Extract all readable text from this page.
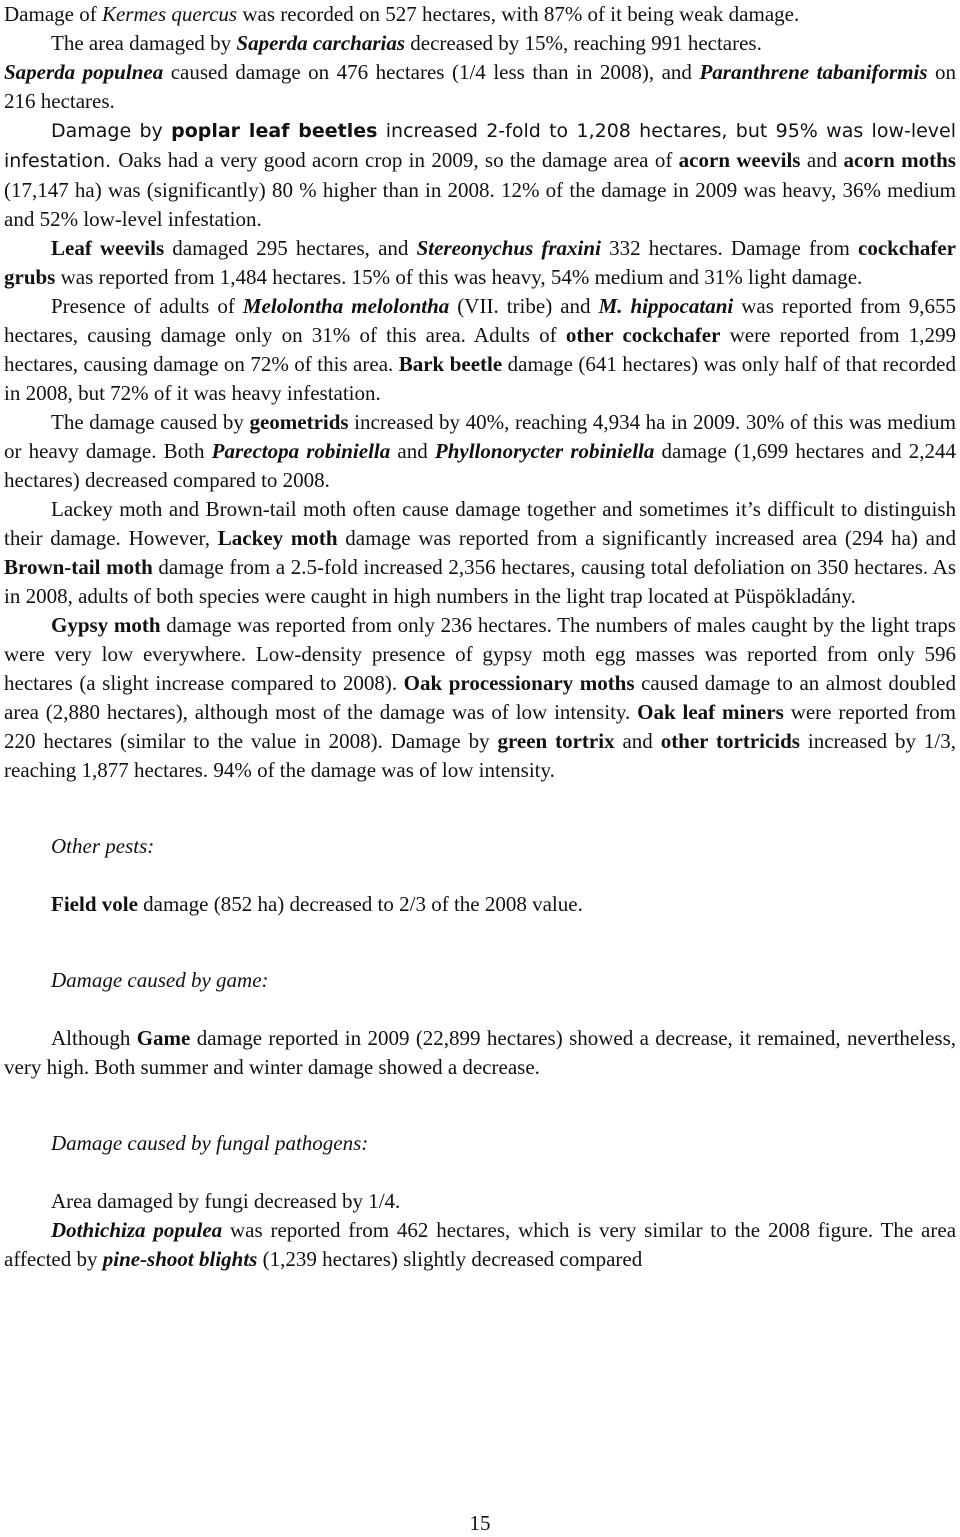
Damage of Kermes quercus was recorded on 527 hectares, with 87% of it being weak damage.

The area damaged by Saperda carcharias decreased by 15%, reaching 991 hectares.

Saperda populnea caused damage on 476 hectares (1/4 less than in 2008), and Paranthrene tabaniformis on 216 hectares.

Damage by poplar leaf beetles increased 2-fold to 1,208 hectares, but 95% was low-level infestation. Oaks had a very good acorn crop in 2009, so the damage area of acorn weevils and acorn moths (17,147 ha) was (significantly) 80 % higher than in 2008. 12% of the damage in 2009 was heavy, 36% medium and 52% low-level infestation.

Leaf weevils damaged 295 hectares, and Stereonychus fraxini 332 hectares. Damage from cockchafer grubs was reported from 1,484 hectares. 15% of this was heavy, 54% medium and 31% light damage.

Presence of adults of Melolontha melolontha (VII. tribe) and M. hippocatani was reported from 9,655 hectares, causing damage only on 31% of this area. Adults of other cockchafer were reported from 1,299 hectares, causing damage on 72% of this area. Bark beetle damage (641 hectares) was only half of that recorded in 2008, but 72% of it was heavy infestation.

The damage caused by geometrids increased by 40%, reaching 4,934 ha in 2009. 30% of this was medium or heavy damage. Both Parectopa robiniella and Phyllonorycter robiniella damage (1,699 hectares and 2,244 hectares) decreased compared to 2008.

Lackey moth and Brown-tail moth often cause damage together and sometimes it’s difficult to distinguish their damage. However, Lackey moth damage was reported from a significantly increased area (294 ha) and Brown-tail moth damage from a 2.5-fold increased 2,356 hectares, causing total defoliation on 350 hectares. As in 2008, adults of both species were caught in high numbers in the light trap located at Püspökladány.

Gypsy moth damage was reported from only 236 hectares. The numbers of males caught by the light traps were very low everywhere. Low-density presence of gypsy moth egg masses was reported from only 596 hectares (a slight increase compared to 2008). Oak processionary moths caused damage to an almost doubled area (2,880 hectares), although most of the damage was of low intensity. Oak leaf miners were reported from 220 hectares (similar to the value in 2008). Damage by green tortrix and other tortricids increased by 1/3, reaching 1,877 hectares. 94% of the damage was of low intensity.

Other pests:

Field vole damage (852 ha) decreased to 2/3 of the 2008 value.

Damage caused by game:

Although Game damage reported in 2009 (22,899 hectares) showed a decrease, it remained, nevertheless, very high. Both summer and winter damage showed a decrease.

Damage caused by fungal pathogens:

Area damaged by fungi decreased by 1/4.

Dothichiza populea was reported from 462 hectares, which is very similar to the 2008 figure. The area affected by pine-shoot blights (1,239 hectares) slightly decreased compared

15
